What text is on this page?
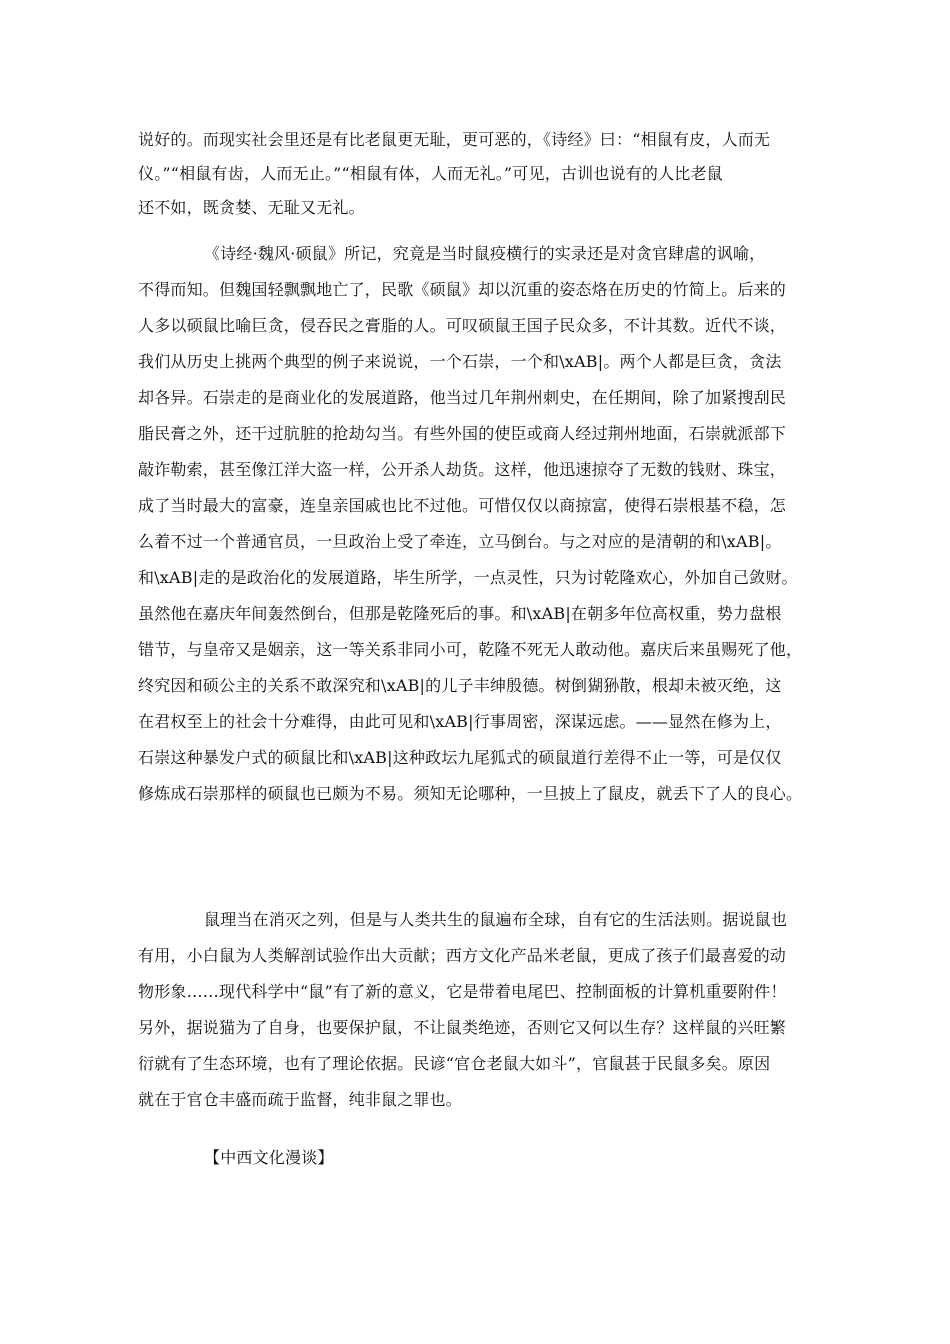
说好的。而现实社会里还是有比老鼠更无耻，更可恶的，《诗经》曰：“相鼠有皮，人而无
仪。”“相鼠有齿，人而无止。”“相鼠有体，人而无礼。”可见，古训也说有的人比老鼠
还不如，既贪婪、无耻又无礼。
《诗经·魏风·硕鼠》所记，究竟是当时鼠疫横行的实录还是对贪官肆虐的讽喻，
不得而知。但魏国轻飘飘地亡了，民歌《硕鼠》却以沉重的姿态烙在历史的竹简上。后来的
人多以硕鼠比喻巨贪，侵吞民之膏脂的人。可叹硕鼠王国子民众多，不计其数。近代不谈，
我们从历史上挑两个典型的例子来说说，一个石崇，一个和\xAB|。两个人都是巨贪，贪法
却各异。石崇走的是商业化的发展道路，他当过几年荆州刺史，在任期间，除了加紧搜刮民
脂民膏之外，还干过肮脏的抢劫勾当。有些外国的使臣或商人经过荆州地面，石崇就派部下
敲诈勒索，甚至像江洋大盗一样，公开杀人劫货。这样，他迅速掠夺了无数的钱财、珠宝，
成了当时最大的富豪，连皇亲国戚也比不过他。可惜仅仅以商掠富，使得石崇根基不稳，怎
么着不过一个普通官员，一旦政治上受了牵连，立马倒台。与之对应的是清朝的和\xAB|。
和\xAB|走的是政治化的发展道路，毕生所学，一点灵性，只为讨乾隆欢心，外加自己敛财。
虽然他在嘉庆年间轰然倒台，但那是乾隆死后的事。和\xAB|在朝多年位高权重，势力盘根
错节，与皇帝又是姻亲，这一等关系非同小可，乾隆不死无人敢动他。嘉庆后来虽赐死了他，
终究因和硕公主的关系不敢深究和\xAB|的儿子丰绅殷德。树倒猢狲散，根却未被灭绝，这
在君权至上的社会十分难得，由此可见和\xAB|行事周密，深谋远虑。——显然在修为上，
石崇这种暴发户式的硕鼠比和\xAB|这种政坛九尾狐式的硕鼠道行差得不止一等，可是仅仅
修炼成石崇那样的硕鼠也已颇为不易。须知无论哪种，一旦披上了鼠皮，就丢下了人的良心。
鼠理当在消灭之列，但是与人类共生的鼠遍布全球，自有它的生活法则。据说鼠也
有用，小白鼠为人类解剖试验作出大贡献；西方文化产品米老鼠，更成了孩子们最喜爱的动
物形象……现代科学中“鼠”有了新的意义，它是带着电尾巴、控制面板的计算机重要附件！
另外，据说猫为了自身，也要保护鼠，不让鼠类绝迹，否则它又何以生存？这样鼠的兴旺繁
衍就有了生态环境，也有了理论依据。民谚“官仓老鼠大如斗”，官鼠甚于民鼠多矣。原因
就在于官仓丰盛而疏于监督，纯非鼠之罪也。
【中西文化漫谈】
